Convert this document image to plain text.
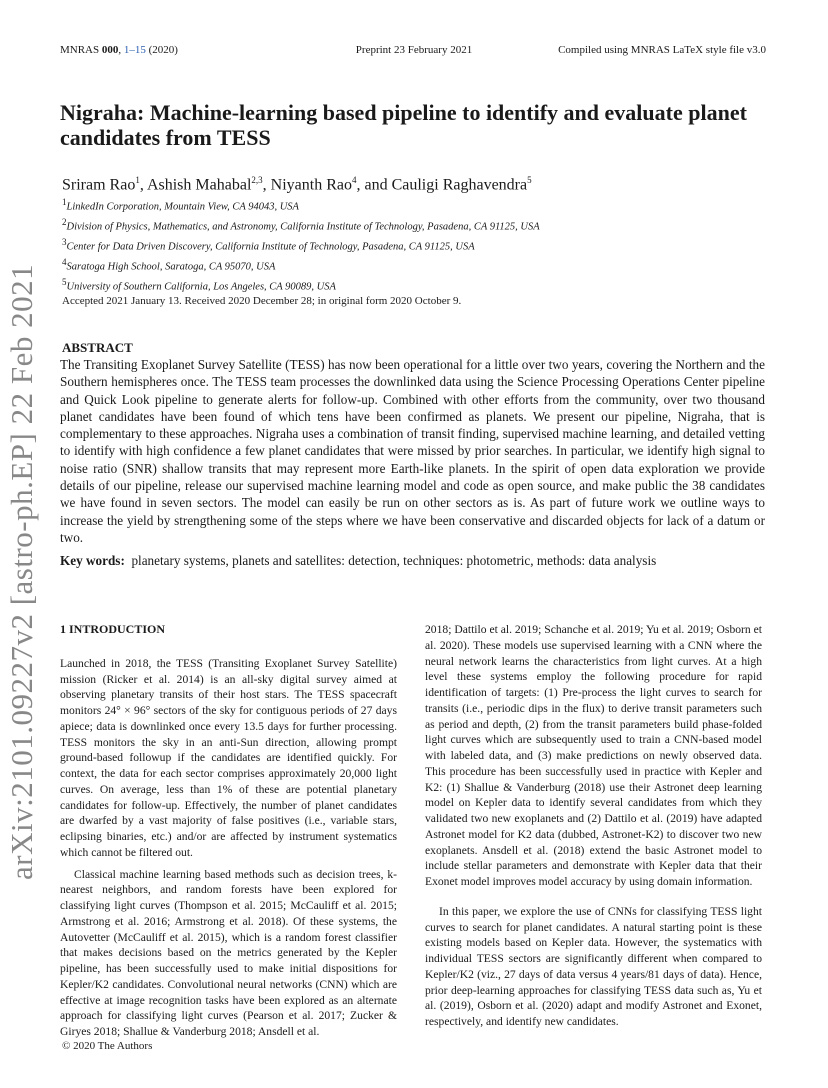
MNRAS 000, 1–15 (2020)	Preprint 23 February 2021	Compiled using MNRAS LaTeX style file v3.0
arXiv:2101.09227v2 [astro-ph.EP] 22 Feb 2021
Nigraha: Machine-learning based pipeline to identify and evaluate planet candidates from TESS
Sriram Rao$^1$, Ashish Mahabal$^{2,3}$, Niyanth Rao$^4$, and Cauligi Raghavendra$^5$
$^1$LinkedIn Corporation, Mountain View, CA 94043, USA
$^2$Division of Physics, Mathematics, and Astronomy, California Institute of Technology, Pasadena, CA 91125, USA
$^3$Center for Data Driven Discovery, California Institute of Technology, Pasadena, CA 91125, USA
$^4$Saratoga High School, Saratoga, CA 95070, USA
$^5$University of Southern California, Los Angeles, CA 90089, USA
Accepted 2021 January 13. Received 2020 December 28; in original form 2020 October 9.
ABSTRACT
The Transiting Exoplanet Survey Satellite (TESS) has now been operational for a little over two years, covering the Northern and the Southern hemispheres once. The TESS team processes the downlinked data using the Science Processing Operations Center pipeline and Quick Look pipeline to generate alerts for follow-up. Combined with other efforts from the community, over two thousand planet candidates have been found of which tens have been confirmed as planets. We present our pipeline, Nigraha, that is complementary to these approaches. Nigraha uses a combination of transit finding, supervised machine learning, and detailed vetting to identify with high confidence a few planet candidates that were missed by prior searches. In particular, we identify high signal to noise ratio (SNR) shallow transits that may represent more Earth-like planets. In the spirit of open data exploration we provide details of our pipeline, release our supervised machine learning model and code as open source, and make public the 38 candidates we have found in seven sectors. The model can easily be run on other sectors as is. As part of future work we outline ways to increase the yield by strengthening some of the steps where we have been conservative and discarded objects for lack of a datum or two.
Key words: planetary systems, planets and satellites: detection, techniques: photometric, methods: data analysis
1 INTRODUCTION

Launched in 2018, the TESS (Transiting Exoplanet Survey Satellite) mission (Ricker et al. 2014) is an all-sky digital survey aimed at observing planetary transits of their host stars. The TESS spacecraft monitors 24° × 96° sectors of the sky for contiguous periods of 27 days apiece; data is downlinked once every 13.5 days for further processing. TESS monitors the sky in an anti-Sun direction, allowing prompt ground-based followup if the candidates are identified quickly. For context, the data for each sector comprises approximately 20,000 light curves. On average, less than 1% of these are potential planetary candidates for follow-up. Effectively, the number of planet candidates are dwarfed by a vast majority of false positives (i.e., variable stars, eclipsing binaries, etc.) and/or are affected by instrument systematics which cannot be filtered out.

Classical machine learning based methods such as decision trees, k-nearest neighbors, and random forests have been explored for classifying light curves (Thompson et al. 2015; McCauliff et al. 2015; Armstrong et al. 2016; Armstrong et al. 2018). Of these systems, the Autovetter (McCauliff et al. 2015), which is a random forest classifier that makes decisions based on the metrics generated by the Kepler pipeline, has been successfully used to make initial dispositions for Kepler/K2 candidates. Convolutional neural networks (CNN) which are effective at image recognition tasks have been explored as an alternate approach for classifying light curves (Pearson et al. 2017; Zucker & Giryes 2018; Shallue & Vanderburg 2018; Ansdell et al.

2018; Dattilo et al. 2019; Schanche et al. 2019; Yu et al. 2019; Osborn et al. 2020). These models use supervised learning with a CNN where the neural network learns the characteristics from light curves. At a high level these systems employ the following procedure for rapid identification of targets: (1) Pre-process the light curves to search for transits (i.e., periodic dips in the flux) to derive transit parameters such as period and depth, (2) from the transit parameters build phase-folded light curves which are subsequently used to train a CNN-based model with labeled data, and (3) make predictions on newly observed data. This procedure has been successfully used in practice with Kepler and K2: (1) Shallue & Vanderburg (2018) use their Astronet deep learning model on Kepler data to identify several candidates from which they validated two new exoplanets and (2) Dattilo et al. (2019) have adapted Astronet model for K2 data (dubbed, Astronet-K2) to discover two new exoplanets. Ansdell et al. (2018) extend the basic Astronet model to include stellar parameters and demonstrate with Kepler data that their Exonet model improves model accuracy by using domain information.

In this paper, we explore the use of CNNs for classifying TESS light curves to search for planet candidates. A natural starting point is these existing models based on Kepler data. However, the systematics with individual TESS sectors are significantly different when compared to Kepler/K2 (viz., 27 days of data versus 4 years/81 days of data). Hence, prior deep-learning approaches for classifying TESS data such as, Yu et al. (2019), Osborn et al. (2020) adapt and modify Astronet and Exonet, respectively, and identify new candidates.

© 2020 The Authors
